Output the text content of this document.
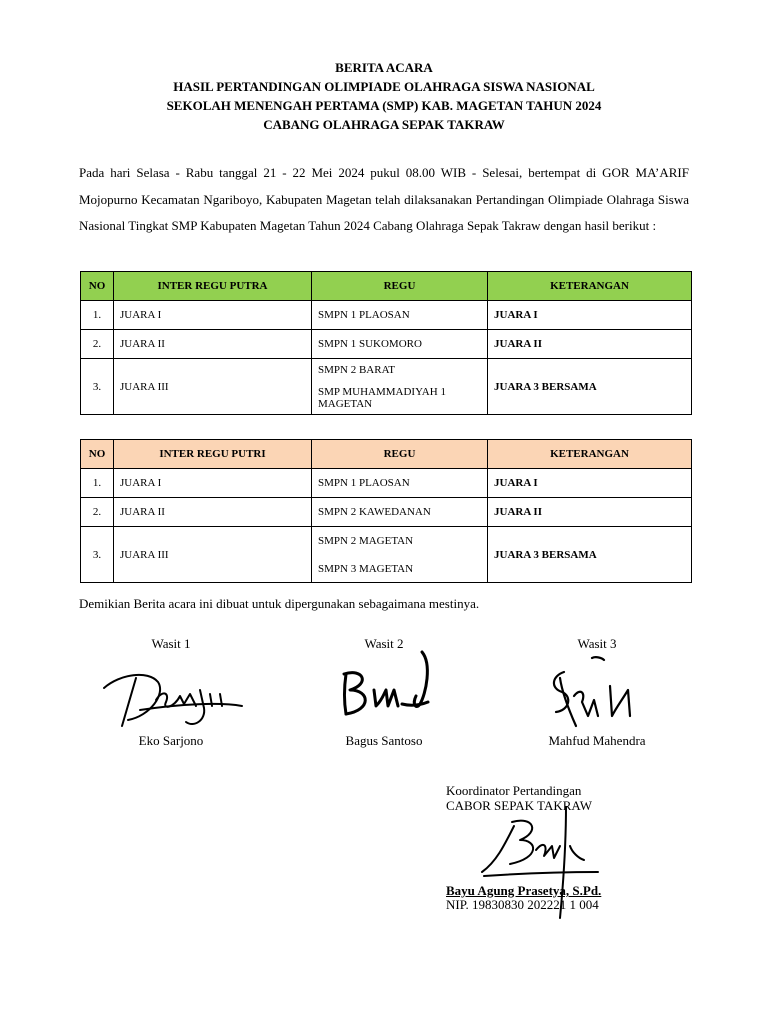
BERITA ACARA
HASIL PERTANDINGAN OLIMPIADE OLAHRAGA SISWA NASIONAL
SEKOLAH MENENGAH PERTAMA (SMP) KAB. MAGETAN TAHUN 2024
CABANG OLAHRAGA SEPAK TAKRAW
Pada hari Selasa - Rabu tanggal 21 - 22 Mei 2024 pukul 08.00 WIB - Selesai, bertempat di GOR MA’ARIF Mojopurno Kecamatan Ngariboyo, Kabupaten Magetan telah dilaksanakan Pertandingan Olimpiade Olahraga Siswa Nasional Tingkat SMP Kabupaten Magetan Tahun 2024 Cabang Olahraga Sepak Takraw dengan hasil berikut :
NO	INTER REGU PUTRA	REGU	KETERANGAN
1.	JUARA I	SMPN 1 PLAOSAN	JUARA I
2.	JUARA II	SMPN 1 SUKOMORO	JUARA II
3.	JUARA III	SMPN 2 BARAT
SMP MUHAMMADIYAH 1
MAGETAN	JUARA 3 BERSAMA
NO	INTER REGU PUTRI	REGU	KETERANGAN
1.	JUARA I	SMPN 1 PLAOSAN	JUARA I
2.	JUARA II	SMPN 2 KAWEDANAN	JUARA II
3.	JUARA III	SMPN 2 MAGETAN
SMPN 3 MAGETAN	JUARA 3 BERSAMA
Demikian Berita acara ini dibuat untuk dipergunakan sebagaimana mestinya.
Wasit 1	Wasit 2	Wasit 3
Eko Sarjono	Bagus Santoso	Mahfud Mahendra
Koordinator Pertandingan
CABOR SEPAK TAKRAW
Bayu Agung Prasetya, S.Pd.
NIP. 19830830 202221 1 004
